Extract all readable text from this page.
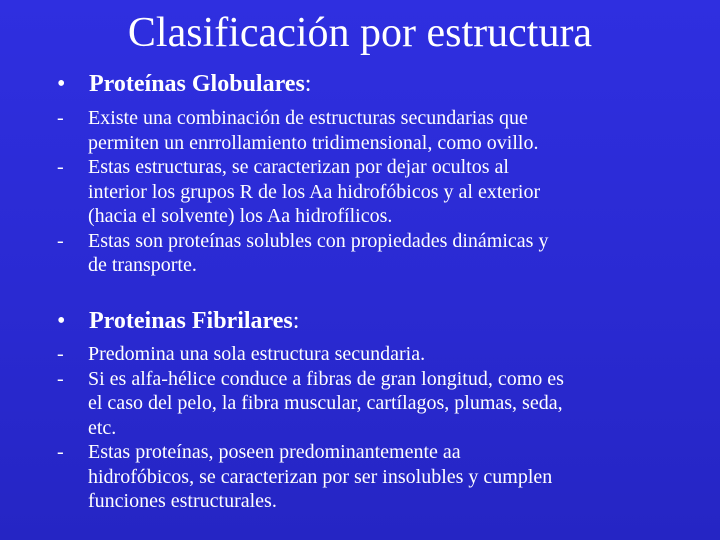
Clasificación por estructura
• Proteínas Globulares:
- Existe una combinación de estructuras secundarias que
permiten un enrrollamiento tridimensional, como ovillo.
- Estas estructuras, se caracterizan por dejar ocultos al
interior los grupos R de los Aa hidrofóbicos y al exterior
(hacia el solvente) los Aa hidrofílicos.
- Estas son proteínas solubles con propiedades dinámicas y
de transporte.
• Proteinas Fibrilares:
- Predomina una sola estructura secundaria.
- Si es alfa-hélice conduce a fibras de gran longitud, como es
el caso del pelo, la fibra muscular, cartílagos, plumas, seda,
etc.
- Estas proteínas, poseen predominantemente aa
hidrofóbicos, se caracterizan por ser insolubles y cumplen
funciones estructurales.
